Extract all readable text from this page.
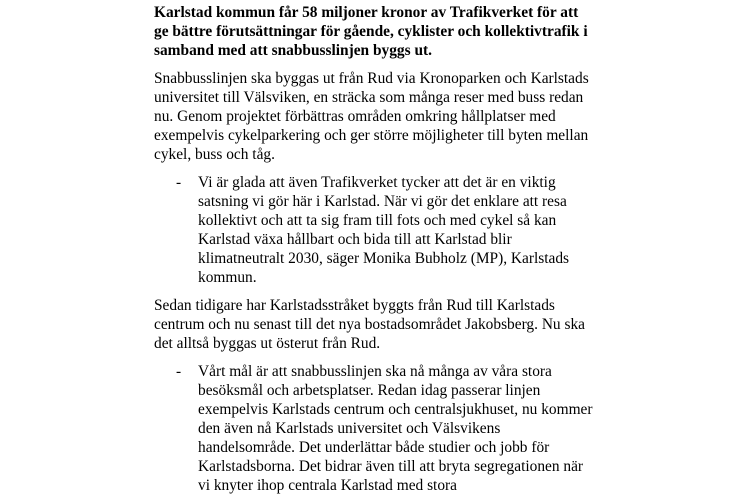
Karlstad kommun får 58 miljoner kronor av Trafikverket för att ge bättre förutsättningar för gående, cyklister och kollektivtrafik i samband med att snabbusslinjen byggs ut.

Snabbusslinjen ska byggas ut från Rud via Kronoparken och Karlstads universitet till Välsviken, en sträcka som många reser med buss redan nu. Genom projektet förbättras områden omkring hållplatser med exempelvis cykelparkering och ger större möjligheter till byten mellan cykel, buss och tåg.

- Vi är glada att även Trafikverket tycker att det är en viktig satsning vi gör här i Karlstad. När vi gör det enklare att resa kollektivt och att ta sig fram till fots och med cykel så kan Karlstad växa hållbart och bida till att Karlstad blir klimatneutralt 2030, säger Monika Bubholz (MP), Karlstads kommun.

Sedan tidigare har Karlstadsstråket byggts från Rud till Karlstads centrum och nu senast till det nya bostadsområdet Jakobsberg. Nu ska det alltså byggas ut österut från Rud.

- Vårt mål är att snabbusslinjen ska nå många av våra stora besöksmål och arbetsplatser. Redan idag passerar linjen exempelvis Karlstads centrum och centralsjukhuset, nu kommer den även nå Karlstads universitet och Välsvikens handelsområde. Det underlättar både studier och jobb för Karlstadsborna. Det bidrar även till att bryta segregationen när vi knyter ihop centrala Karlstad med stora
